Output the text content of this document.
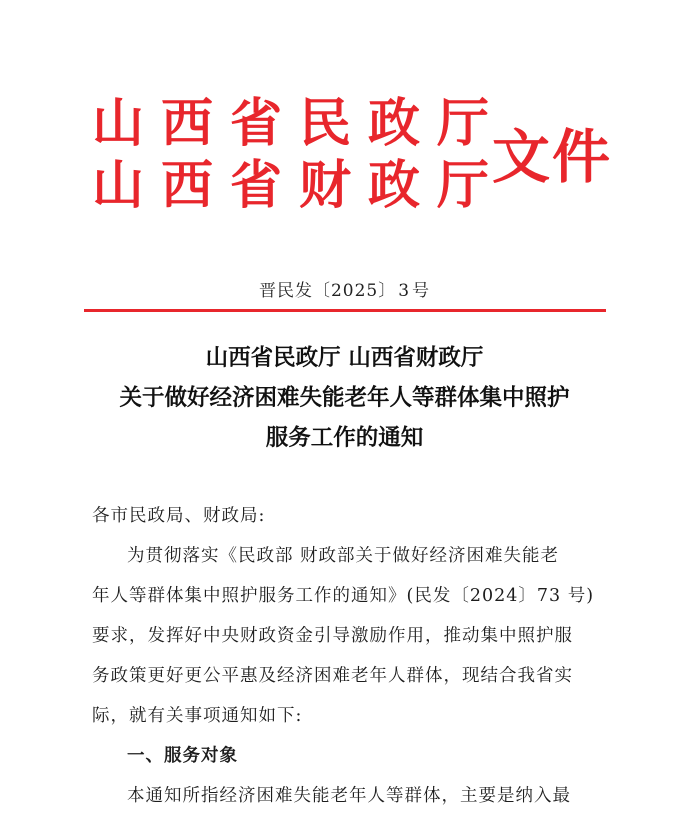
山西省民政厅
山西省财政厅
文件
晋民发〔2025〕 3 号
山西省民政厅 山西省财政厅
关于做好经济困难失能老年人等群体集中照护
服务工作的通知
各市民政局、财政局:
为贯彻落实《民政部 财政部关于做好经济困难失能老
年人等群体集中照护服务工作的通知》(民发〔2024〕73 号)
要求，发挥好中央财政资金引导激励作用，推动集中照护服
务政策更好更公平惠及经济困难老年人群体，现结合我省实
际，就有关事项通知如下:
一、服务对象
本通知所指经济困难失能老年人等群体，主要是纳入最
